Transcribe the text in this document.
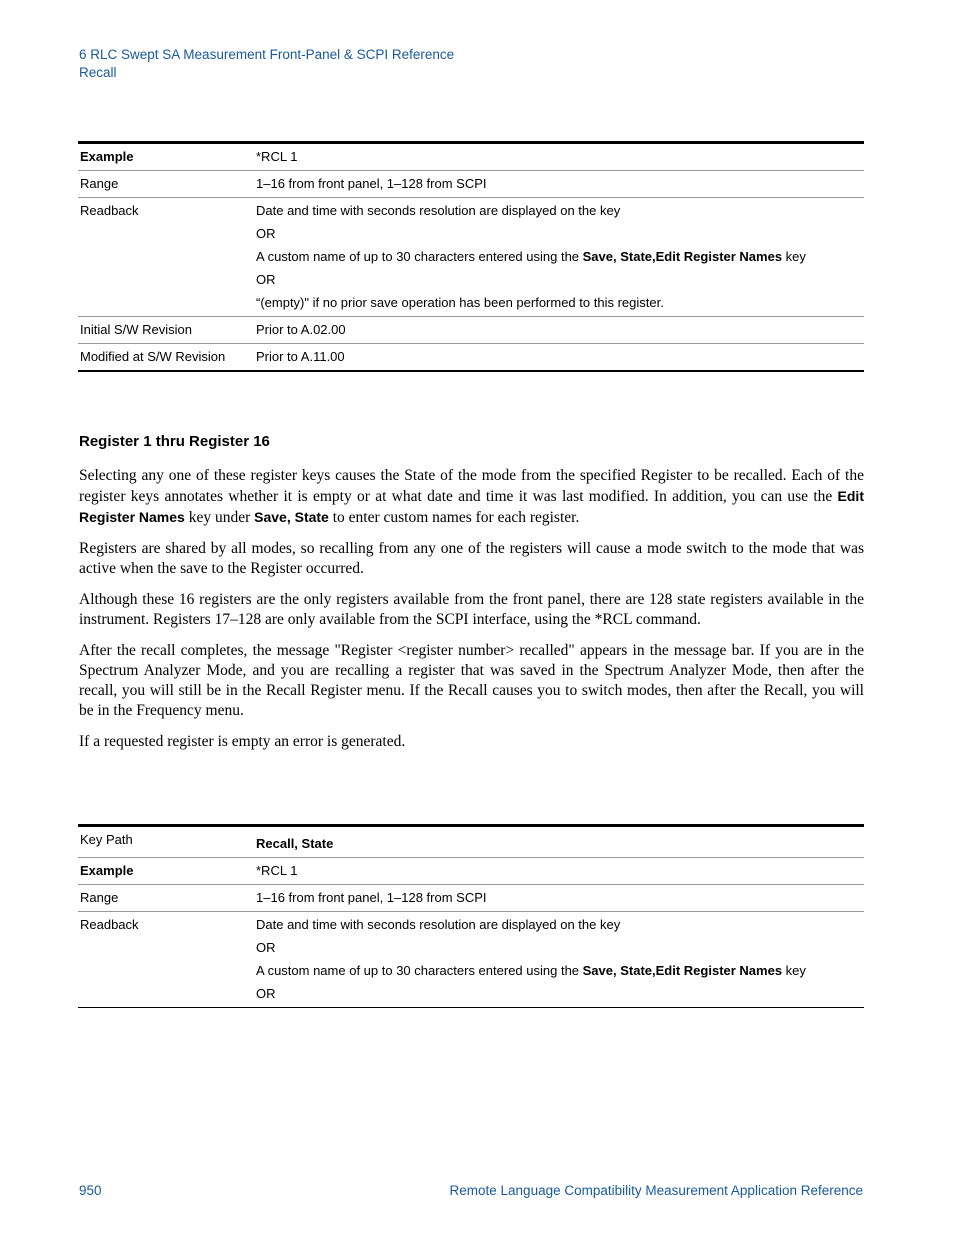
6 RLC Swept SA Measurement Front-Panel & SCPI Reference
Recall
Example	*RCL 1
Range	1–16 from front panel, 1–128 from SCPI
Readback	Date and time with seconds resolution are displayed on the key
OR
A custom name of up to 30 characters entered using the Save, State,Edit Register Names key
OR
“(empty)" if no prior save operation has been performed to this register.

Initial S/W Revision	Prior to A.02.00
Modified at S/W Revision	Prior to A.11.00
Register 1 thru Register 16

Selecting any one of these register keys causes the State of the mode from the specified Register to be recalled. Each of the register keys annotates whether it is empty or at what date and time it was last modified. In addition, you can use the Edit Register Names key under Save, State to enter custom names for each register.

Registers are shared by all modes, so recalling from any one of the registers will cause a mode switch to the mode that was active when the save to the Register occurred.

Although these 16 registers are the only registers available from the front panel, there are 128 state registers available in the instrument. Registers 17–128 are only available from the SCPI interface, using the *RCL command.

After the recall completes, the message "Register <register number> recalled" appears in the message bar. If you are in the Spectrum Analyzer Mode, and you are recalling a register that was saved in the Spectrum Analyzer Mode, then after the recall, you will still be in the Recall Register menu. If the Recall causes you to switch modes, then after the Recall, you will be in the Frequency menu.

If a requested register is empty an error is generated.

Key Path	Recall, State
Example	*RCL 1
Range	1–16 from front panel, 1–128 from SCPI
Readback	Date and time with seconds resolution are displayed on the key
OR
A custom name of up to 30 characters entered using the Save, State,Edit Register Names key
OR
950	Remote Language Compatibility Measurement Application Reference
